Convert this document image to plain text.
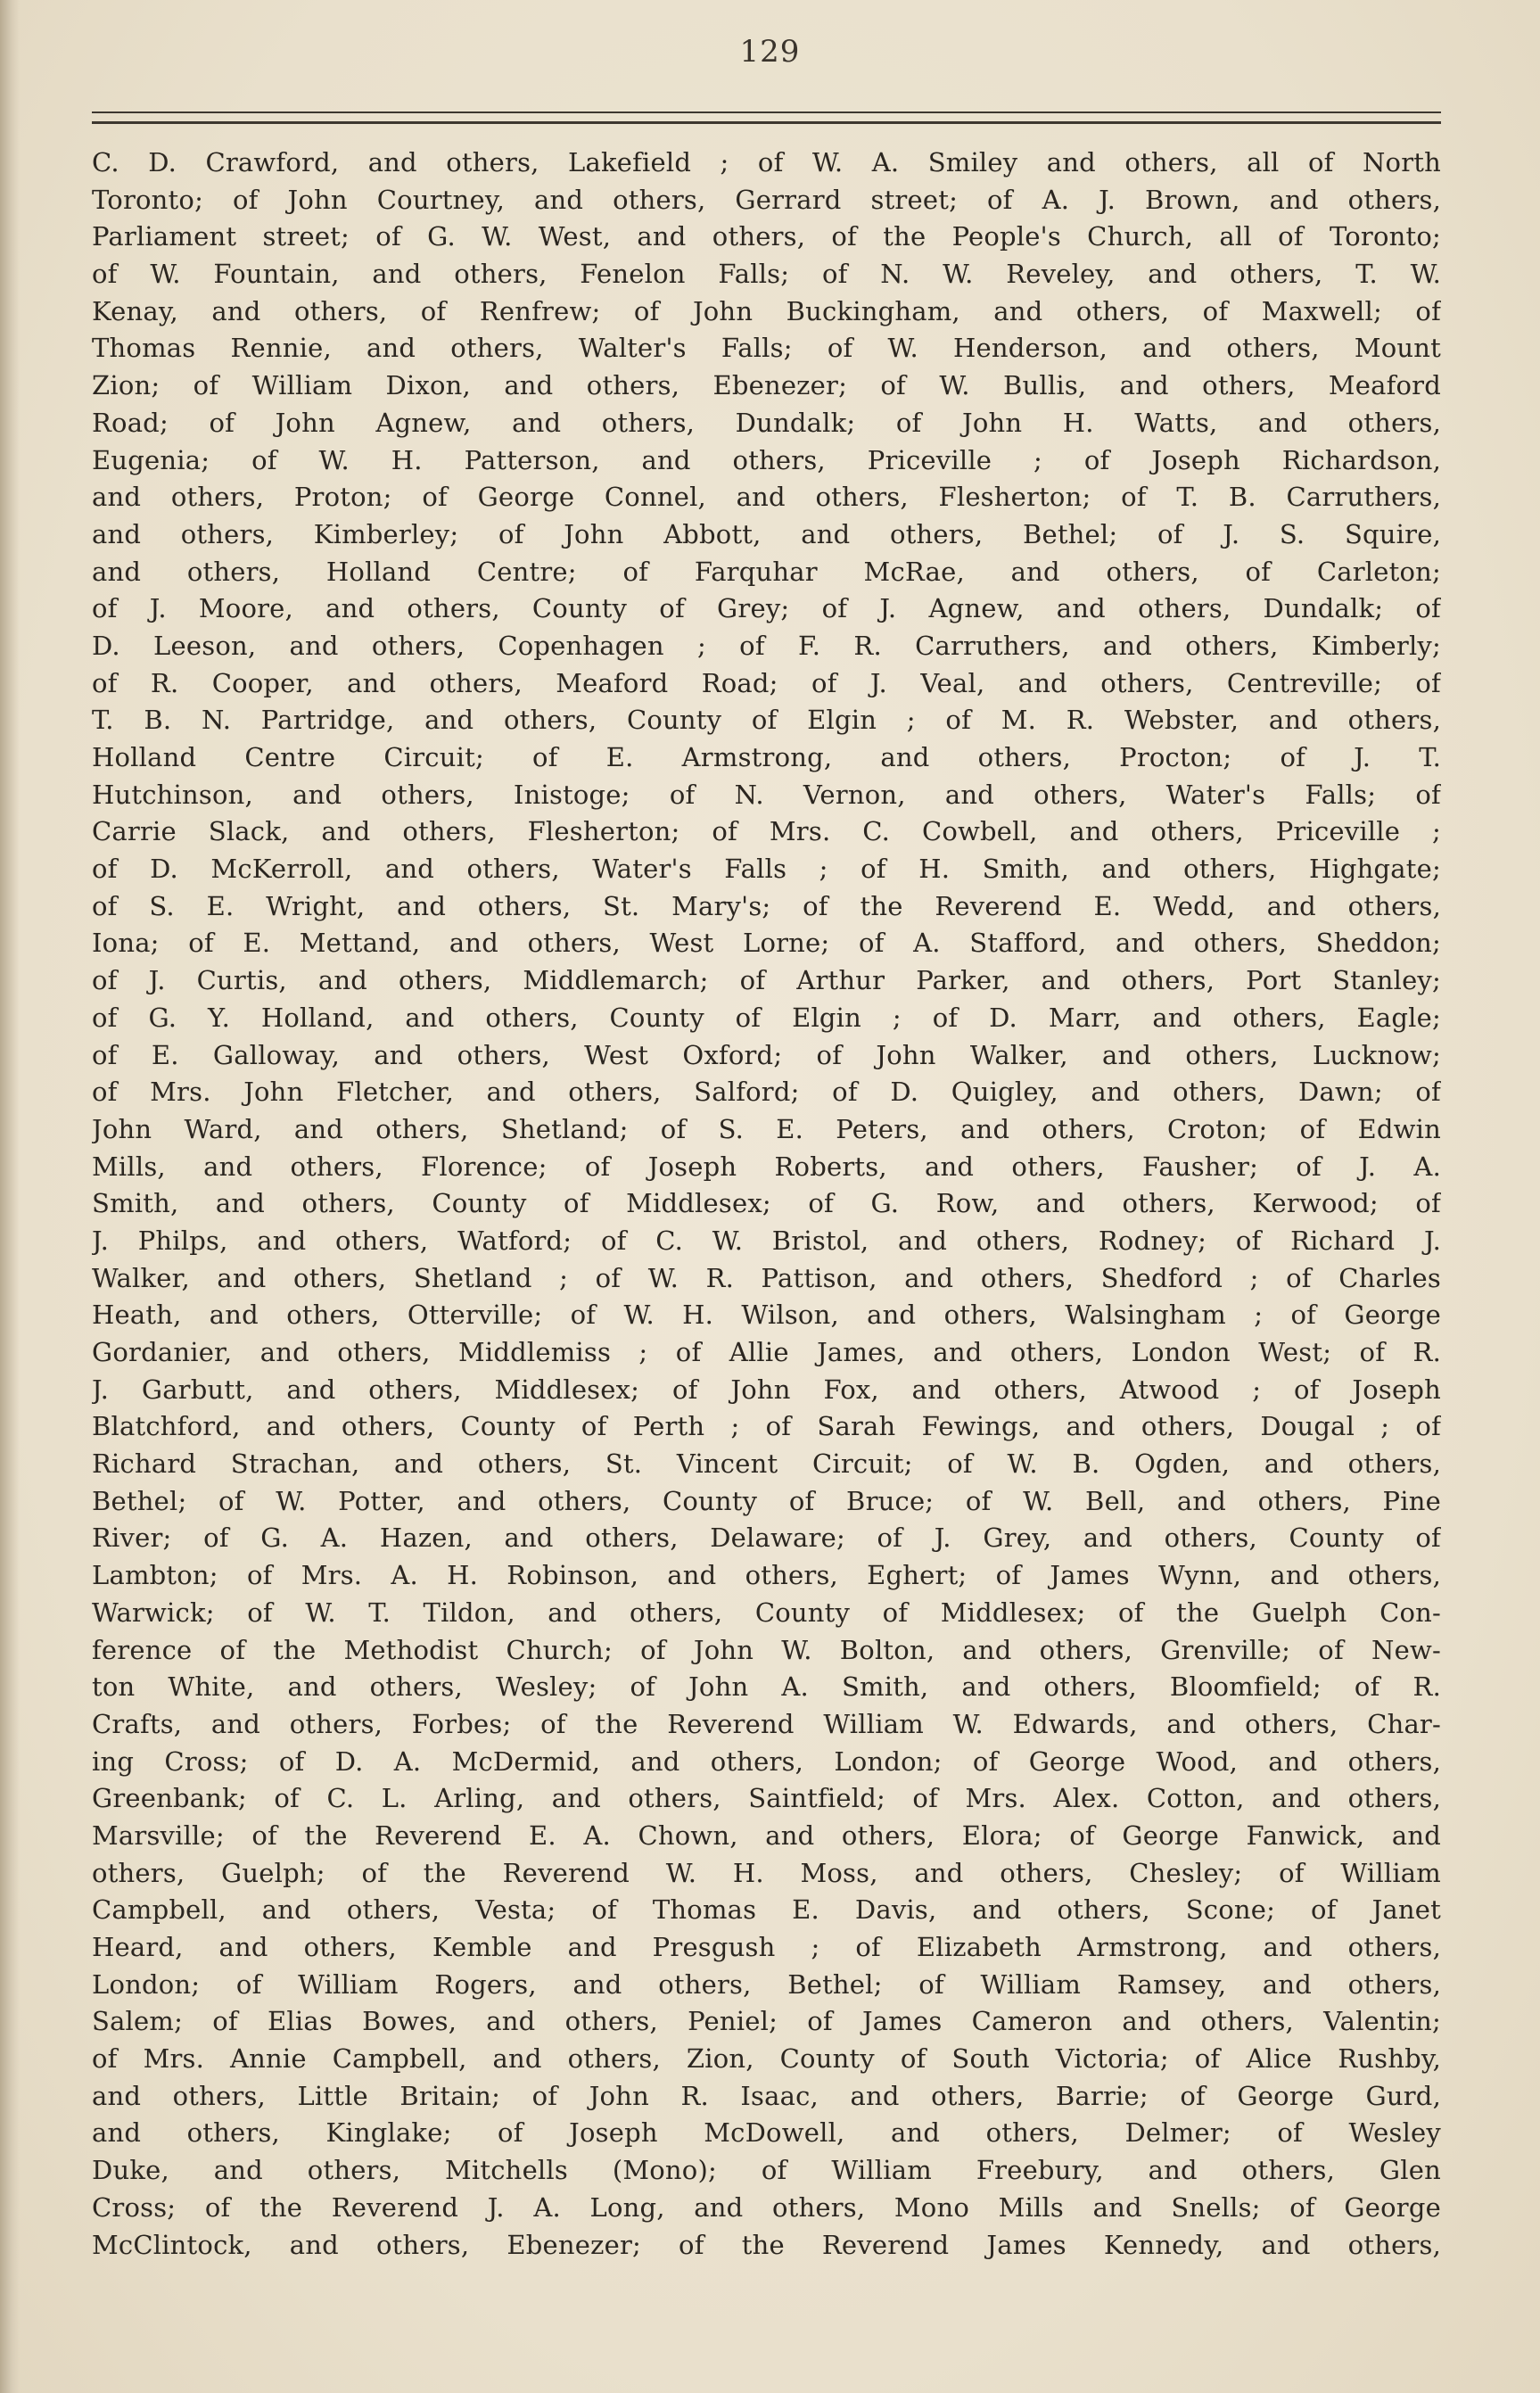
129
C. D. Crawford, and others, Lakefield ; of W. A. Smiley and others, all of North
Toronto; of John Courtney, and others, Gerrard street; of A. J. Brown, and others,
Parliament street; of G. W. West, and others, of the People's Church, all of Toronto;
of W. Fountain, and others, Fenelon Falls; of N. W. Reveley, and others, T. W.
Kenay, and others, of Renfrew; of John Buckingham, and others, of Maxwell; of
Thomas Rennie, and others, Walter's Falls; of W. Henderson, and others, Mount
Zion; of William Dixon, and others, Ebenezer; of W. Bullis, and others, Meaford
Road; of John Agnew, and others, Dundalk; of John H. Watts, and others,
Eugenia; of W. H. Patterson, and others, Priceville ; of Joseph Richardson,
and others, Proton; of George Connel, and others, Flesherton; of T. B. Carruthers,
and others, Kimberley; of John Abbott, and others, Bethel; of J. S. Squire,
and others, Holland Centre; of Farquhar McRae, and others, of Carleton;
of J. Moore, and others, County of Grey; of J. Agnew, and others, Dundalk; of
D. Leeson, and others, Copenhagen ; of F. R. Carruthers, and others, Kimberly;
of R. Cooper, and others, Meaford Road; of J. Veal, and others, Centreville; of
T. B. N. Partridge, and others, County of Elgin ; of M. R. Webster, and others,
Holland Centre Circuit; of E. Armstrong, and others, Procton; of J. T.
Hutchinson, and others, Inistoge; of N. Vernon, and others, Water's Falls; of
Carrie Slack, and others, Flesherton; of Mrs. C. Cowbell, and others, Priceville ;
of D. McKerroll, and others, Water's Falls ; of H. Smith, and others, Highgate;
of S. E. Wright, and others, St. Mary's; of the Reverend E. Wedd, and others,
Iona; of E. Mettand, and others, West Lorne; of A. Stafford, and others, Sheddon;
of J. Curtis, and others, Middlemarch; of Arthur Parker, and others, Port Stanley;
of G. Y. Holland, and others, County of Elgin ; of D. Marr, and others, Eagle;
of E. Galloway, and others, West Oxford; of John Walker, and others, Lucknow;
of Mrs. John Fletcher, and others, Salford; of D. Quigley, and others, Dawn; of
John Ward, and others, Shetland; of S. E. Peters, and others, Croton; of Edwin
Mills, and others, Florence; of Joseph Roberts, and others, Fausher; of J. A.
Smith, and others, County of Middlesex; of G. Row, and others, Kerwood; of
J. Philps, and others, Watford; of C. W. Bristol, and others, Rodney; of Richard J.
Walker, and others, Shetland ; of W. R. Pattison, and others, Shedford ; of Charles
Heath, and others, Otterville; of W. H. Wilson, and others, Walsingham ; of George
Gordanier, and others, Middlemiss ; of Allie James, and others, London West; of R.
J. Garbutt, and others, Middlesex; of John Fox, and others, Atwood ; of Joseph
Blatchford, and others, County of Perth ; of Sarah Fewings, and others, Dougal ; of
Richard Strachan, and others, St. Vincent Circuit; of W. B. Ogden, and others,
Bethel; of W. Potter, and others, County of Bruce; of W. Bell, and others, Pine
River; of G. A. Hazen, and others, Delaware; of J. Grey, and others, County of
Lambton; of Mrs. A. H. Robinson, and others, Eghert; of James Wynn, and others,
Warwick; of W. T. Tildon, and others, County of Middlesex; of the Guelph Con-
ference of the Methodist Church; of John W. Bolton, and others, Grenville; of New-
ton White, and others, Wesley; of John A. Smith, and others, Bloomfield; of R.
Crafts, and others, Forbes; of the Reverend William W. Edwards, and others, Char-
ing Cross; of D. A. McDermid, and others, London; of George Wood, and others,
Greenbank; of C. L. Arling, and others, Saintfield; of Mrs. Alex. Cotton, and others,
Marsville; of the Reverend E. A. Chown, and others, Elora; of George Fanwick, and
others, Guelph; of the Reverend W. H. Moss, and others, Chesley; of William
Campbell, and others, Vesta; of Thomas E. Davis, and others, Scone; of Janet
Heard, and others, Kemble and Presgush ; of Elizabeth Armstrong, and others,
London; of William Rogers, and others, Bethel; of William Ramsey, and others,
Salem; of Elias Bowes, and others, Peniel; of James Cameron and others, Valentin;
of Mrs. Annie Campbell, and others, Zion, County of South Victoria; of Alice Rushby,
and others, Little Britain; of John R. Isaac, and others, Barrie; of George Gurd,
and others, Kinglake; of Joseph McDowell, and others, Delmer; of Wesley
Duke, and others, Mitchells (Mono); of William Freebury, and others, Glen
Cross; of the Reverend J. A. Long, and others, Mono Mills and Snells; of George
McClintock, and others, Ebenezer; of the Reverend James Kennedy, and others,
